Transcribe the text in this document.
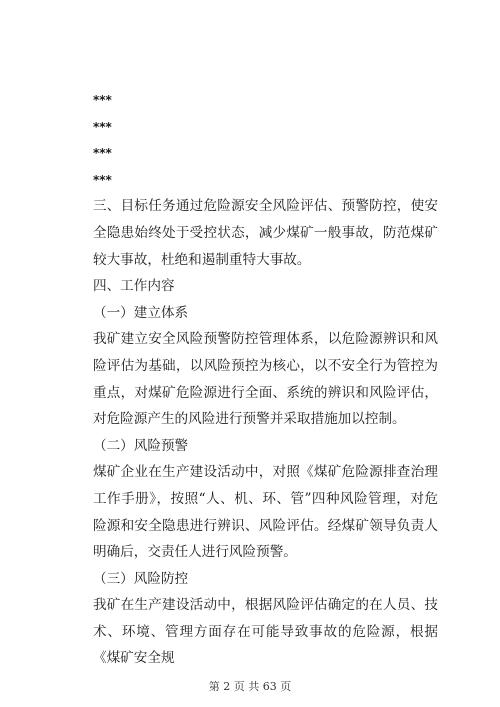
***

***

***

***

三、目标任务通过危险源安全风险评估、预警防控，使安全隐患始终处于受控状态，减少煤矿一般事故，防范煤矿较大事故，杜绝和遏制重特大事故。

四、工作内容

（一）建立体系

我矿建立安全风险预警防控管理体系，以危险源辨识和风险评估为基础，以风险预控为核心，以不安全行为管控为重点，对煤矿危险源进行全面、系统的辨识和风险评估，对危险源产生的风险进行预警并采取措施加以控制。

（二）风险预警

煤矿企业在生产建设活动中，对照《煤矿危险源排查治理工作手册》，按照“人、机、环、管”四种风险管理，对危险源和安全隐患进行辨识、风险评估。经煤矿领导负责人明确后，交责任人进行风险预警。

（三）风险防控

我矿在生产建设活动中，根据风险评估确定的在人员、技术、环境、管理方面存在可能导致事故的危险源，根据《煤矿安全规

第 2 页 共 63 页
